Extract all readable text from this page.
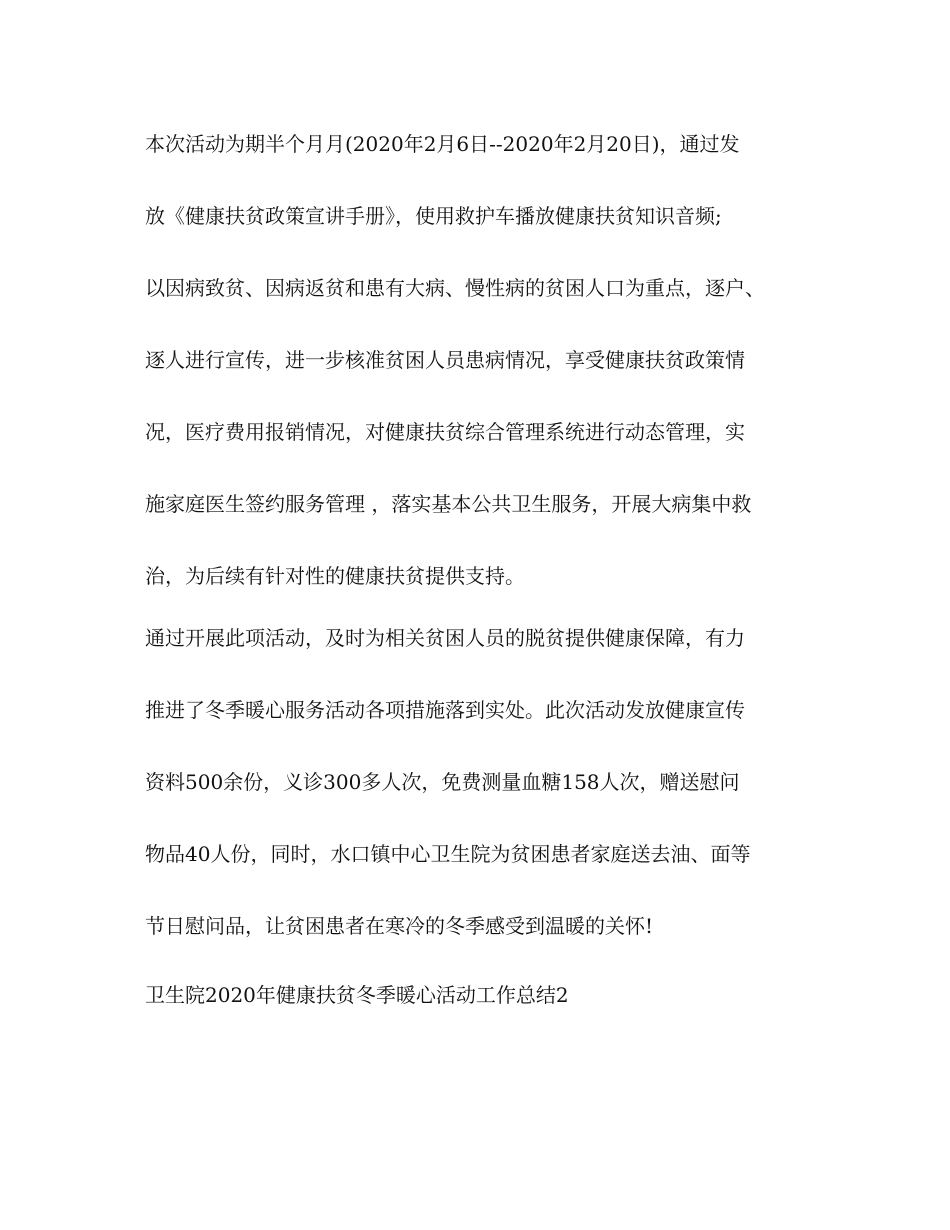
本次活动为期半个月月(2020年2月6日--2020年2月20日)，通过发
放《健康扶贫政策宣讲手册》，使用救护车播放健康扶贫知识音频;
以因病致贫、因病返贫和患有大病、慢性病的贫困人口为重点，逐户、
逐人进行宣传，进一步核准贫困人员患病情况，享受健康扶贫政策情
况，医疗费用报销情况，对健康扶贫综合管理系统进行动态管理，实
施家庭医生签约服务管理 ，落实基本公共卫生服务，开展大病集中救
治，为后续有针对性的健康扶贫提供支持。
通过开展此项活动，及时为相关贫困人员的脱贫提供健康保障，有力
推进了冬季暖心服务活动各项措施落到实处。此次活动发放健康宣传
资料500余份，义诊300多人次，免费测量血糖158人次，赠送慰问
物品40人份，同时，水口镇中心卫生院为贫困患者家庭送去油、面等
节日慰问品，让贫困患者在寒冷的冬季感受到温暖的关怀!
卫生院2020年健康扶贫冬季暖心活动工作总结2
